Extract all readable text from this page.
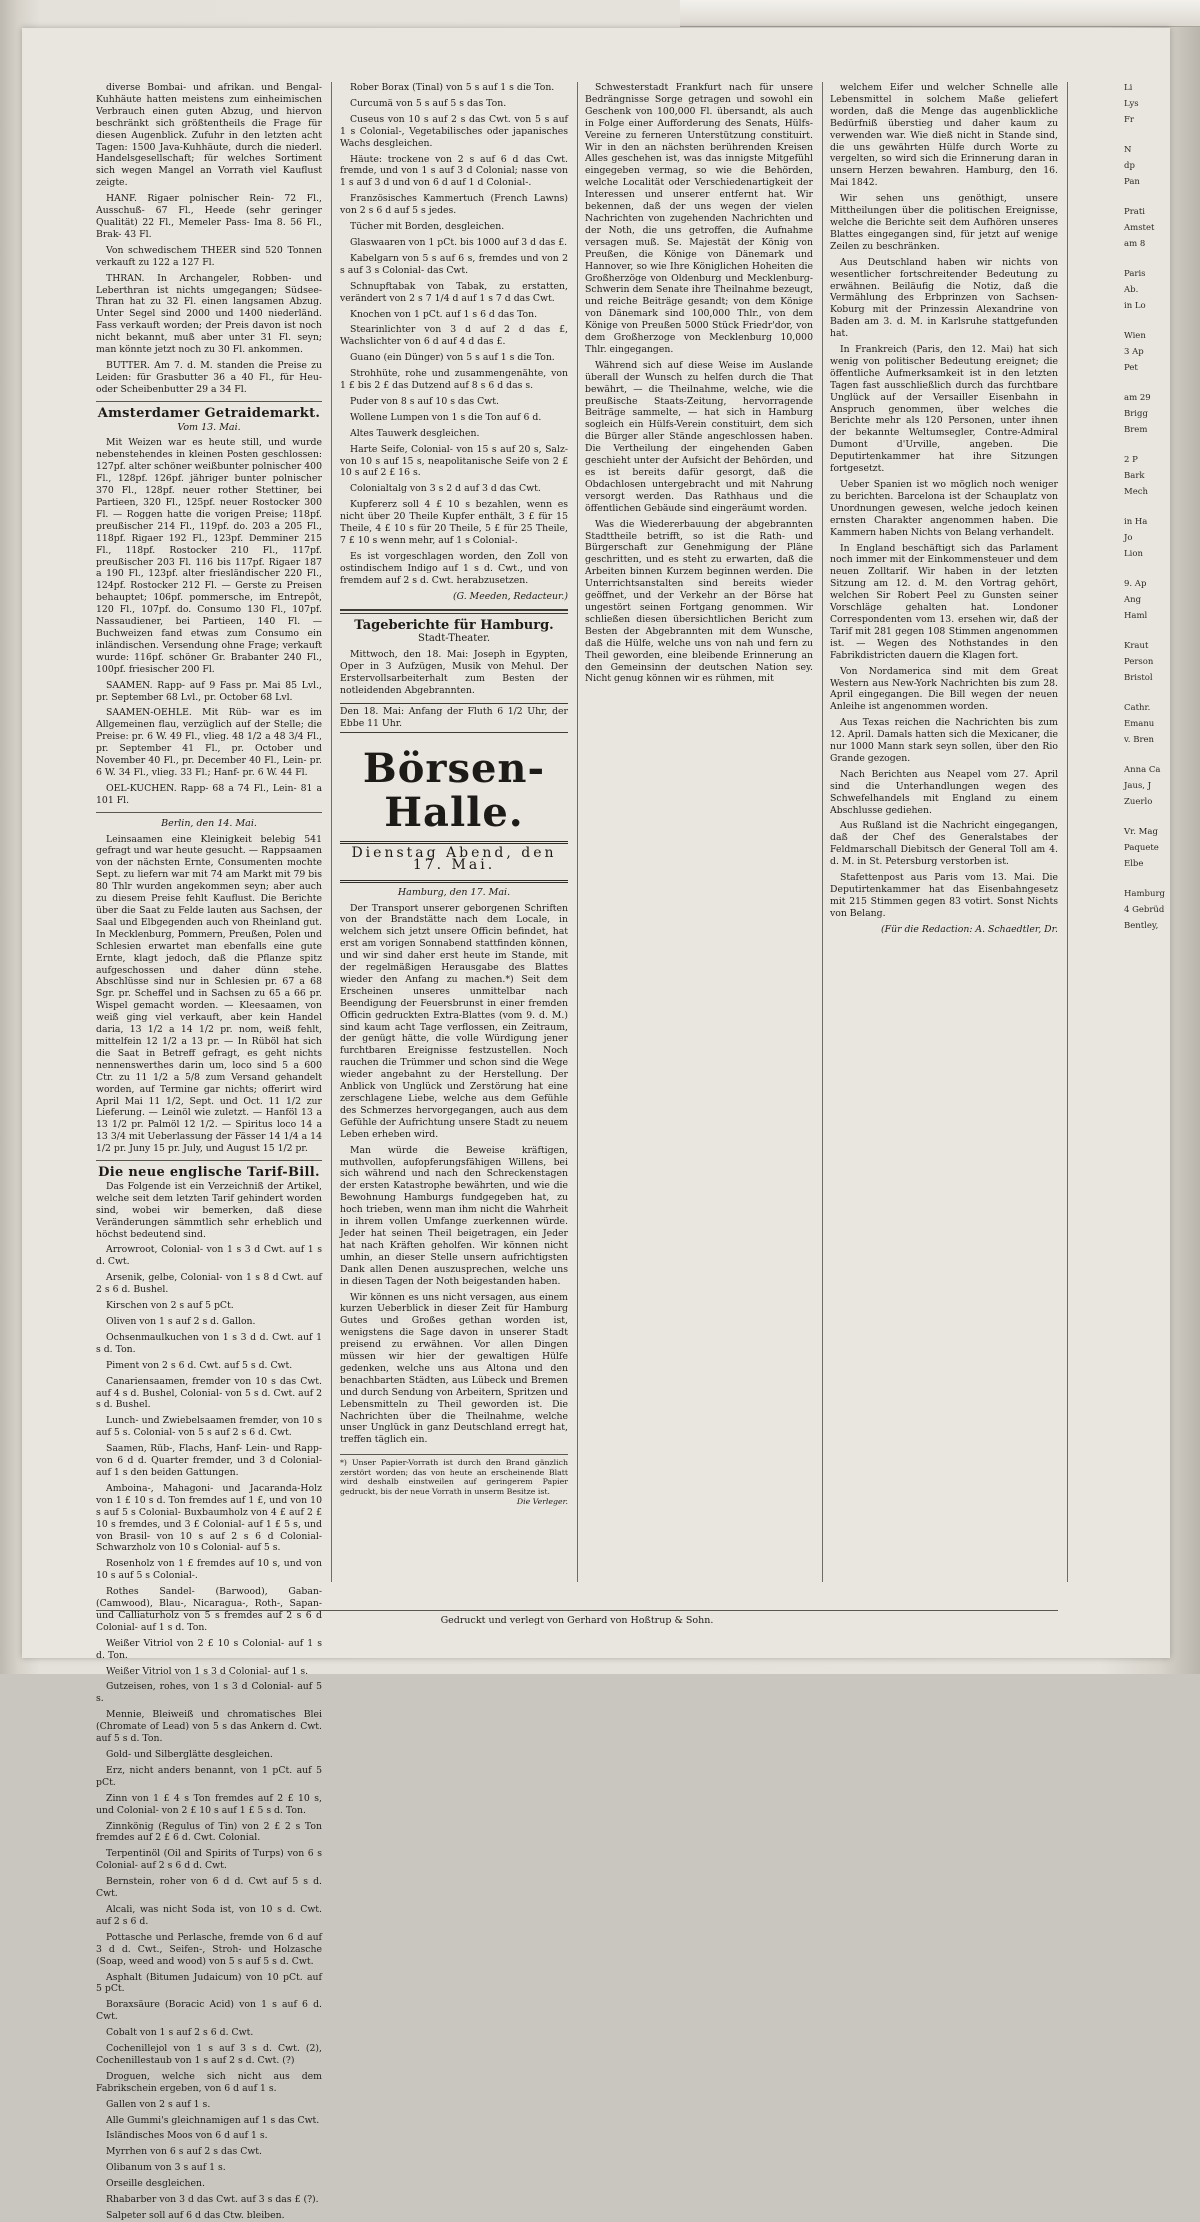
diverse Bombai- und afrikan. und Bengal-Kuhhäute hatten meistens zum einheimischen Verbrauch einen guten Abzug, und hiervon beschränkt sich größtentheils die Frage für diesen Augenblick. Zufuhr in den letzten acht Tagen: 1500 Java-Kuhhäute, durch die niederl. Handelsgesellschaft; für welches Sortiment sich wegen Mangel an Vorrath viel Kauflust zeigte.

HANF. Rigaer polnischer Rein- 72 Fl., Ausschuß- 67 Fl., Heede (sehr geringer Qualität) 22 Fl., Memeler Pass- Ima 8. 56 Fl., Brak- 43 Fl.

Von schwedischem THEER sind 520 Tonnen verkauft zu 122 a 127 Fl.

THRAN. In Archangeler, Robben- und Leberthran ist nichts umgegangen; Südsee-Thran hat zu 32 Fl. einen langsamen Abzug. Unter Segel sind 2000 und 1400 niederländ. Fass verkauft worden; der Preis davon ist noch nicht bekannt, muß aber unter 31 Fl. seyn; man könnte jetzt noch zu 30 Fl. ankommen.

BUTTER. Am 7. d. M. standen die Preise zu Leiden: für Grasbutter 36 a 40 Fl., für Heu- oder Scheibenbutter 29 a 34 Fl.

Amsterdamer Getraidemarkt.
Vom 13. Mai.

Mit Weizen war es heute still, und wurde nebenstehendes in kleinen Posten geschlossen: 127pf. alter schöner weißbunter polnischer 400 Fl., 128pf. 126pf. jähriger bunter polnischer 370 Fl., 128pf. neuer rother Stettiner, bei Partieen, 320 Fl., 125pf. neuer Rostocker 300 Fl. — Roggen hatte die vorigen Preise; 118pf. preußischer 214 Fl., 119pf. do. 203 a 205 Fl., 118pf. Rigaer 192 Fl., 123pf. Demminer 215 Fl., 118pf. Rostocker 210 Fl., 117pf. preußischer 203 Fl. 116 bis 117pf. Rigaer 187 a 190 Fl., 123pf. alter friesländischer 220 Fl., 124pf. Rostocker 212 Fl. — Gerste zu Preisen behauptet; 106pf. pommersche, im Entrepôt, 120 Fl., 107pf. do. Consumo 130 Fl., 107pf. Nassaudiener, bei Partieen, 140 Fl. — Buchweizen fand etwas zum Consumo ein inländischen. Versendung ohne Frage; verkauft wurde: 116pf. schöner Gr. Brabanter 240 Fl., 100pf. friesischer 200 Fl.

SAAMEN. Rapp- auf 9 Fass pr. Mai 85 Lvl., pr. September 68 Lvl., pr. October 68 Lvl.

SAAMEN-OEHLE. Mit Rüb- war es im Allgemeinen flau, verzüglich auf der Stelle; die Preise: pr. 6 W. 49 Fl., vlieg. 48 1/2 a 48 3/4 Fl., pr. September 41 Fl., pr. October und November 40 Fl., pr. December 40 Fl., Lein- pr. 6 W. 34 Fl., vlieg. 33 Fl.; Hanf- pr. 6 W. 44 Fl.

OEL-KUCHEN. Rapp- 68 a 74 Fl., Lein- 81 a 101 Fl.

Berlin, den 14. Mai.

Leinsaamen eine Kleinigkeit belebig 541 gefragt und war heute gesucht. — Rappsaamen von der nächsten Ernte, Consumenten mochte Sept. zu liefern war mit 74 am Markt mit 79 bis 80 Thlr wurden angekommen seyn; aber auch zu diesem Preise fehlt Kauflust. Die Berichte über die Saat zu Felde lauten aus Sachsen, der Saal und Elbgegenden auch von Rheinland gut. In Mecklenburg, Pommern, Preußen, Polen und Schlesien erwartet man ebenfalls eine gute Ernte, klagt jedoch, daß die Pflanze spitz aufgeschossen und daher dünn stehe. Abschlüsse sind nur in Schlesien pr. 67 a 68 Sgr. pr. Scheffel und in Sachsen zu 65 a 66 pr. Wispel gemacht worden. — Kleesaamen, von weiß ging viel verkauft, aber kein Handel daria, 13 1/2 a 14 1/2 pr. nom, weiß fehlt, mittelfein 12 1/2 a 13 pr. — In Rüböl hat sich die Saat in Betreff gefragt, es geht nichts nennenswerthes darin um, loco sind 5 a 600 Ctr. zu 11 1/2 a 5/8 zum Versand gehandelt worden, auf Termine gar nichts; offerirt wird April Mai 11 1/2, Sept. und Oct. 11 1/2 zur Lieferung. — Leinöl wie zuletzt. — Hanföl 13 a 13 1/2 pr. Palmöl 12 1/2. — Spiritus loco 14 a 13 3/4 mit Ueberlassung der Fässer 14 1/4 a 14 1/2 pr. Juny 15 pr. July, und August 15 1/2 pr.

Die neue englische Tarif-Bill.

Das Folgende ist ein Verzeichniß der Artikel, welche seit dem letzten Tarif gehindert worden sind, wobei wir bemerken, daß diese Veränderungen sämmtlich sehr erheblich und höchst bedeutend sind.

Arrowroot, Colonial- von 1 s 3 d Cwt. auf 1 s d. Cwt.

Arsenik, gelbe, Colonial- von 1 s 8 d Cwt. auf 2 s 6 d. Bushel.

Kirschen von 2 s auf 5 pCt.

Oliven von 1 s auf 2 s d. Gallon.

Ochsenmaulkuchen von 1 s 3 d d. Cwt. auf 1 s d. Ton.

Piment von 2 s 6 d. Cwt. auf 5 s d. Cwt.

Canariensaamen, fremder von 10 s das Cwt. auf 4 s d. Bushel, Colonial- von 5 s d. Cwt. auf 2 s d. Bushel.

Lunch- und Zwiebelsaamen fremder, von 10 s auf 5 s. Colonial- von 5 s auf 2 s 6 d. Cwt.

Saamen, Rüb-, Flachs, Hanf- Lein- und Rapp- von 6 d d. Quarter fremder, und 3 d Colonial- auf 1 s den beiden Gattungen.

Amboina-, Mahagoni- und Jacaranda-Holz von 1 £ 10 s d. Ton fremdes auf 1 £, und von 10 s auf 5 s Colonial- Buxbaumholz von 4 £ auf 2 £ 10 s fremdes, und 3 £ Colonial- auf 1 £ 5 s, und von Brasil- von 10 s auf 2 s 6 d Colonial-Schwarzholz von 10 s Colonial- auf 5 s.

Rosenholz von 1 £ fremdes auf 10 s, und von 10 s auf 5 s Colonial-.

Rothes Sandel- (Barwood), Gaban- (Camwood), Blau-, Nicaragua-, Roth-, Sapan- und Calliaturholz von 5 s fremdes auf 2 s 6 d Colonial- auf 1 s d. Ton.

Weißer Vitriol von 2 £ 10 s Colonial- auf 1 s d. Ton.

Weißer Vitriol von 1 s 3 d Colonial- auf 1 s.

Gutzeisen, rohes, von 1 s 3 d Colonial- auf 5 s.

Mennie, Bleiweiß und chromatisches Blei (Chromate of Lead) von 5 s das Ankern d. Cwt. auf 5 s d. Ton.

Gold- und Silberglätte desgleichen.

Erz, nicht anders benannt, von 1 pCt. auf 5 pCt.

Zinn von 1 £ 4 s Ton fremdes auf 2 £ 10 s, und Colonial- von 2 £ 10 s auf 1 £ 5 s d. Ton.

Zinnkönig (Regulus of Tin) von 2 £ 2 s Ton fremdes auf 2 £ 6 d. Cwt. Colonial.

Terpentinöl (Oil and Spirits of Turps) von 6 s Colonial- auf 2 s 6 d d. Cwt.

Bernstein, roher von 6 d d. Cwt auf 5 s d. Cwt.

Alcali, was nicht Soda ist, von 10 s d. Cwt. auf 2 s 6 d.

Pottasche und Perlasche, fremde von 6 d auf 3 d d. Cwt., Seifen-, Stroh- und Holzasche (Soap, weed and wood) von 5 s auf 5 s d. Cwt.

Asphalt (Bitumen Judaicum) von 10 pCt. auf 5 pCt.

Boraxsäure (Boracic Acid) von 1 s auf 6 d. Cwt.

Cobalt von 1 s auf 2 s 6 d. Cwt.

Cochenillejol von 1 s auf 3 s d. Cwt. (2), Cochenillestaub von 1 s auf 2 s d. Cwt. (?)

Droguen, welche sich nicht aus dem Fabrikschein ergeben, von 6 d auf 1 s.

Gallen von 2 s auf 1 s.

Alle Gummi's gleichnamigen auf 1 s das Cwt.

Isländisches Moos von 6 d auf 1 s.

Myrrhen von 6 s auf 2 s das Cwt.

Olibanum von 3 s auf 1 s.

Orseille desgleichen.

Rhabarber von 3 d das Cwt. auf 3 s das £ (?).

Salpeter soll auf 6 d das Ctw. bleiben.

Rober Borax (Tinal) von 5 s auf 1 s die Ton.

Curcumä von 5 s auf 5 s das Ton.

Cuseus von 10 s auf 2 s das Cwt. von 5 s auf 1 s Colonial-, Vegetabilisches oder japanisches Wachs desgleichen.

Häute: trockene von 2 s auf 6 d das Cwt. fremde, und von 1 s auf 3 d Colonial; nasse von 1 s auf 3 d und von 6 d auf 1 d Colonial-.

Französisches Kammertuch (French Lawns) von 2 s 6 d auf 5 s jedes.

Tücher mit Borden, desgleichen.

Glaswaaren von 1 pCt. bis 1000 auf 3 d das £.

Kabelgarn von 5 s auf 6 s, fremdes und von 2 s auf 3 s Colonial- das Cwt.

Schnupftabak von Tabak, zu erstatten, verändert von 2 s 7 1/4 d auf 1 s 7 d das Cwt.

Knochen von 1 pCt. auf 1 s 6 d das Ton.

Stearinlichter von 3 d auf 2 d das £, Wachslichter von 6 d auf 4 d das £.

Guano (ein Dünger) von 5 s auf 1 s die Ton.

Strohhüte, rohe und zusammengenähte, von 1 £ bis 2 £ das Dutzend auf 8 s 6 d das s.

Puder von 8 s auf 10 s das Cwt.

Wollene Lumpen von 1 s die Ton auf 6 d.

Altes Tauwerk desgleichen.

Harte Seife, Colonial- von 15 s auf 20 s, Salz- von 10 s auf 15 s, neapolitanische Seife von 2 £ 10 s auf 2 £ 16 s.

Colonialtalg von 3 s 2 d auf 3 d das Cwt.

Kupfererz soll 4 £ 10 s bezahlen, wenn es nicht über 20 Theile Kupfer enthält, 3 £ für 15 Theile, 4 £ 10 s für 20 Theile, 5 £ für 25 Theile, 7 £ 10 s wenn mehr, auf 1 s Colonial-.

Es ist vorgeschlagen worden, den Zoll von ostindischem Indigo auf 1 s d. Cwt., und von fremdem auf 2 s d. Cwt. herabzusetzen.

(G. Meeden, Redacteur.)
Tageberichte für Hamburg.
Stadt-Theater.

Mittwoch, den 18. Mai: Joseph in Egypten, Oper in 3 Aufzügen, Musik von Mehul. Der Erstervollsarbeiterhalt zum Besten der notleidenden Abgebrannten.

Den 18. Mai: Anfang der Fluth 6 1/2 Uhr, der Ebbe 11 Uhr.
Börsen-Halle.
Dienstag Abend, den 17. Mai.
Hamburg, den 17. Mai.

Der Transport unserer geborgenen Schriften von der Brandstätte nach dem Locale, in welchem sich jetzt unsere Officin befindet, hat erst am vorigen Sonnabend stattfinden können, und wir sind daher erst heute im Stande, mit der regelmäßigen Herausgabe des Blattes wieder den Anfang zu machen.*) Seit dem Erscheinen unseres unmittelbar nach Beendigung der Feuersbrunst in einer fremden Officin gedruckten Extra-Blattes (vom 9. d. M.) sind kaum acht Tage verflossen, ein Zeitraum, der genügt hätte, die volle Würdigung jener furchtbaren Ereignisse festzustellen. Noch rauchen die Trümmer und schon sind die Wege wieder angebahnt zu der Herstellung. Der Anblick von Unglück und Zerstörung hat eine zerschlagene Liebe, welche aus dem Gefühle des Schmerzes hervorgegangen, auch aus dem Gefühle der Aufrichtung unsere Stadt zu neuem Leben erheben wird.

Man würde die Beweise kräftigen, muthvollen, aufopferungsfähigen Willens, bei sich während und nach den Schreckenstagen der ersten Katastrophe bewährten, und wie die Bewohnung Hamburgs fundgegeben hat, zu hoch trieben, wenn man ihm nicht die Wahrheit in ihrem vollen Umfange zuerkennen würde. Jeder hat seinen Theil beigetragen, ein Jeder hat nach Kräften geholfen. Wir können nicht umhin, an dieser Stelle unsern aufrichtigsten Dank allen Denen auszusprechen, welche uns in diesen Tagen der Noth beigestanden haben.

Wir können es uns nicht versagen, aus einem kurzen Ueberblick in dieser Zeit für Hamburg Gutes und Großes gethan worden ist, wenigstens die Sage davon in unserer Stadt preisend zu erwähnen. Vor allen Dingen müssen wir hier der gewaltigen Hülfe gedenken, welche uns aus Altona und den benachbarten Städten, aus Lübeck und Bremen und durch Sendung von Arbeitern, Spritzen und Lebensmitteln zu Theil geworden ist. Die Nachrichten über die Theilnahme, welche unser Unglück in ganz Deutschland erregt hat, treffen täglich ein.

*) Unser Papier-Vorrath ist durch den Brand gänzlich zerstört worden; das von heute an erscheinende Blatt wird deshalb einstweilen auf geringerem Papier gedruckt, bis der neue Vorrath in unserm Besitze ist.
Die Verleger.

Schwesterstadt Frankfurt nach für unsere Bedrängnisse Sorge getragen und sowohl ein Geschenk von 100,000 Fl. übersandt, als auch in Folge einer Aufforderung des Senats, Hülfs-Vereine zu ferneren Unterstützung constituirt. Wir in den an nächsten berührenden Kreisen Alles geschehen ist, was das innigste Mitgefühl eingegeben vermag, so wie die Behörden, welche Localität oder Verschiedenartigkeit der Interessen und unserer entfernt hat. Wir bekennen, daß der uns wegen der vielen Nachrichten von zugehenden Nachrichten und der Noth, die uns getroffen, die Aufnahme versagen muß. Se. Majestät der König von Preußen, die Könige von Dänemark und Hannover, so wie Ihre Königlichen Hoheiten die Großherzöge von Oldenburg und Mecklenburg-Schwerin dem Senate ihre Theilnahme bezeugt, und reiche Beiträge gesandt; von dem Könige von Dänemark sind 100,000 Thlr., von dem Könige von Preußen 5000 Stück Friedr'dor, von dem Großherzoge von Mecklenburg 10,000 Thlr. eingegangen.

Während sich auf diese Weise im Auslande überall der Wunsch zu helfen durch die That bewährt, — die Theilnahme, welche, wie die preußische Staats-Zeitung, hervorragende Beiträge sammelte, — hat sich in Hamburg sogleich ein Hülfs-Verein constituirt, dem sich die Bürger aller Stände angeschlossen haben. Die Vertheilung der eingehenden Gaben geschieht unter der Aufsicht der Behörden, und es ist bereits dafür gesorgt, daß die Obdachlosen untergebracht und mit Nahrung versorgt werden. Das Rathhaus und die öffentlichen Gebäude sind eingeräumt worden.

Was die Wiedererbauung der abgebrannten Stadttheile betrifft, so ist die Rath- und Bürgerschaft zur Genehmigung der Pläne geschritten, und es steht zu erwarten, daß die Arbeiten binnen Kurzem beginnen werden. Die Unterrichtsanstalten sind bereits wieder geöffnet, und der Verkehr an der Börse hat ungestört seinen Fortgang genommen. Wir schließen diesen übersichtlichen Bericht zum Besten der Abgebrannten mit dem Wunsche, daß die Hülfe, welche uns von nah und fern zu Theil geworden, eine bleibende Erinnerung an den Gemeinsinn der deutschen Nation sey. Nicht genug können wir es rühmen, mit

welchem Eifer und welcher Schnelle alle Lebensmittel in solchem Maße geliefert worden, daß die Menge das augenblickliche Bedürfniß überstieg und daher kaum zu verwenden war. Wie dieß nicht in Stande sind, die uns gewährten Hülfe durch Worte zu vergelten, so wird sich die Erinnerung daran in unsern Herzen bewahren. Hamburg, den 16. Mai 1842.

Wir sehen uns genöthigt, unsere Mittheilungen über die politischen Ereignisse, welche die Berichte seit dem Aufhören unseres Blattes eingegangen sind, für jetzt auf wenige Zeilen zu beschränken.

Aus Deutschland haben wir nichts von wesentlicher fortschreitender Bedeutung zu erwähnen. Beiläufig die Notiz, daß die Vermählung des Erbprinzen von Sachsen-Koburg mit der Prinzessin Alexandrine von Baden am 3. d. M. in Karlsruhe stattgefunden hat.

In Frankreich (Paris, den 12. Mai) hat sich wenig von politischer Bedeutung ereignet; die öffentliche Aufmerksamkeit ist in den letzten Tagen fast ausschließlich durch das furchtbare Unglück auf der Versailler Eisenbahn in Anspruch genommen, über welches die Berichte mehr als 120 Personen, unter ihnen der bekannte Weltumsegler, Contre-Admiral Dumont d'Urville, angeben. Die Deputirtenkammer hat ihre Sitzungen fortgesetzt.

Ueber Spanien ist wo möglich noch weniger zu berichten. Barcelona ist der Schauplatz von Unordnungen gewesen, welche jedoch keinen ernsten Charakter angenommen haben. Die Kammern haben Nichts von Belang verhandelt.

In England beschäftigt sich das Parlament noch immer mit der Einkommensteuer und dem neuen Zolltarif. Wir haben in der letzten Sitzung am 12. d. M. den Vortrag gehört, welchen Sir Robert Peel zu Gunsten seiner Vorschläge gehalten hat. Londoner Correspondenten vom 13. ersehen wir, daß der Tarif mit 281 gegen 108 Stimmen angenommen ist. — Wegen des Nothstandes in den Fabrikdistricten dauern die Klagen fort.

Von Nordamerica sind mit dem Great Western aus New-York Nachrichten bis zum 28. April eingegangen. Die Bill wegen der neuen Anleihe ist angenommen worden.

Aus Texas reichen die Nachrichten bis zum 12. April. Damals hatten sich die Mexicaner, die nur 1000 Mann stark seyn sollen, über den Rio Grande gezogen.

Nach Berichten aus Neapel vom 27. April sind die Unterhandlungen wegen des Schwefelhandels mit England zu einem Abschlusse gediehen.

Aus Rußland ist die Nachricht eingegangen, daß der Chef des Generalstabes der Feldmarschall Diebitsch der General Toll am 4. d. M. in St. Petersburg verstorben ist.

Stafettenpost aus Paris vom 13. Mai. Die Deputirtenkammer hat das Eisenbahngesetz mit 215 Stimmen gegen 83 votirt. Sonst Nichts von Belang.

(Für die Redaction: A. Schaedtler, Dr.
Li
Lys
Fr
N
dp
Pan
Prati
Amstet
am 8
Paris
Ab.
in Lo
Wien
3 Ap
Pet
am 29
Brigg
Brem
2 P
Bark
Mech
in Ha
Jo
Lion
9. Ap
Ang
Haml
Kraut
Person
Bristol
Cathr.
Emanu
v. Bren
Anna Ca
Jaus, J
Zuerlo
Vr. Mag
Paquete
Elbe
Hamburg
4 Gebrüd
Bentley,
Gedruckt und verlegt von Gerhard von Hoßtrup & Sohn.
